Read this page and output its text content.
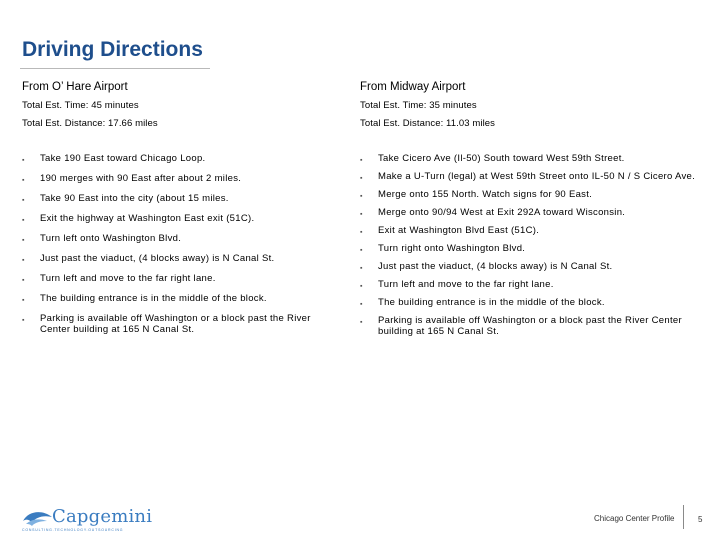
Driving Directions
From O’ Hare Airport
Total Est. Time: 45 minutes
Total Est. Distance: 17.66 miles
▪ Take 190 East toward Chicago Loop.
▪ 190 merges with 90 East after about 2 miles.
▪ Take 90 East into the city (about 15 miles.
▪ Exit the highway at Washington East exit (51C).
▪ Turn left onto Washington Blvd.
▪ Just past the viaduct, (4 blocks away) is N Canal St.
▪ Turn left and move to the far right lane.
▪ The building entrance is in the middle of the block.
▪ Parking is available off Washington or a block past the River Center building at 165 N Canal St.
From Midway Airport
Total Est. Time: 35 minutes
Total Est. Distance: 11.03 miles
▪ Take Cicero Ave (Il-50) South toward West 59th Street.
▪ Make a U-Turn (legal) at West 59th Street onto IL-50 N / S Cicero Ave.
▪ Merge onto 155 North. Watch signs for 90 East.
▪ Merge onto 90/94 West at Exit 292A toward Wisconsin.
▪ Exit at Washington Blvd East (51C).
▪ Turn right onto Washington Blvd.
▪ Just past the viaduct, (4 blocks away) is N Canal St.
▪ Turn left and move to the far right lane.
▪ The building entrance is in the middle of the block.
▪ Parking is available off Washington or a block past the River Center building at 165 N Canal St.
Capgemini
CONSULTING.TECHNOLOGY.OUTSOURCING
Chicago Center Profile	5
